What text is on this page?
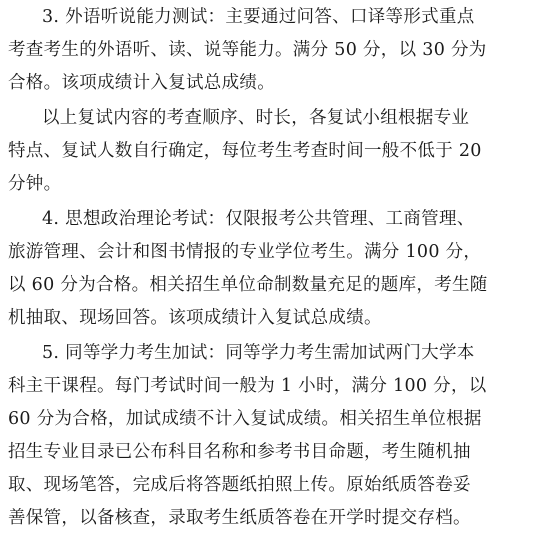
3. 外语听说能力测试：主要通过问答、口译等形式重点
考查考生的外语听、读、说等能力。满分 50 分，以 30 分为
合格。该项成绩计入复试总成绩。
以上复试内容的考查顺序、时长，各复试小组根据专业
特点、复试人数自行确定，每位考生考查时间一般不低于 20
分钟。
4. 思想政治理论考试：仅限报考公共管理、工商管理、
旅游管理、会计和图书情报的专业学位考生。满分 100 分，
以 60 分为合格。相关招生单位命制数量充足的题库，考生随
机抽取、现场回答。该项成绩计入复试总成绩。
5. 同等学力考生加试：同等学力考生需加试两门大学本
科主干课程。每门考试时间一般为 1 小时，满分 100 分，以
60 分为合格，加试成绩不计入复试成绩。相关招生单位根据
招生专业目录已公布科目名称和参考书目命题，考生随机抽
取、现场笔答，完成后将答题纸拍照上传。原始纸质答卷妥
善保管，以备核查，录取考生纸质答卷在开学时提交存档。
